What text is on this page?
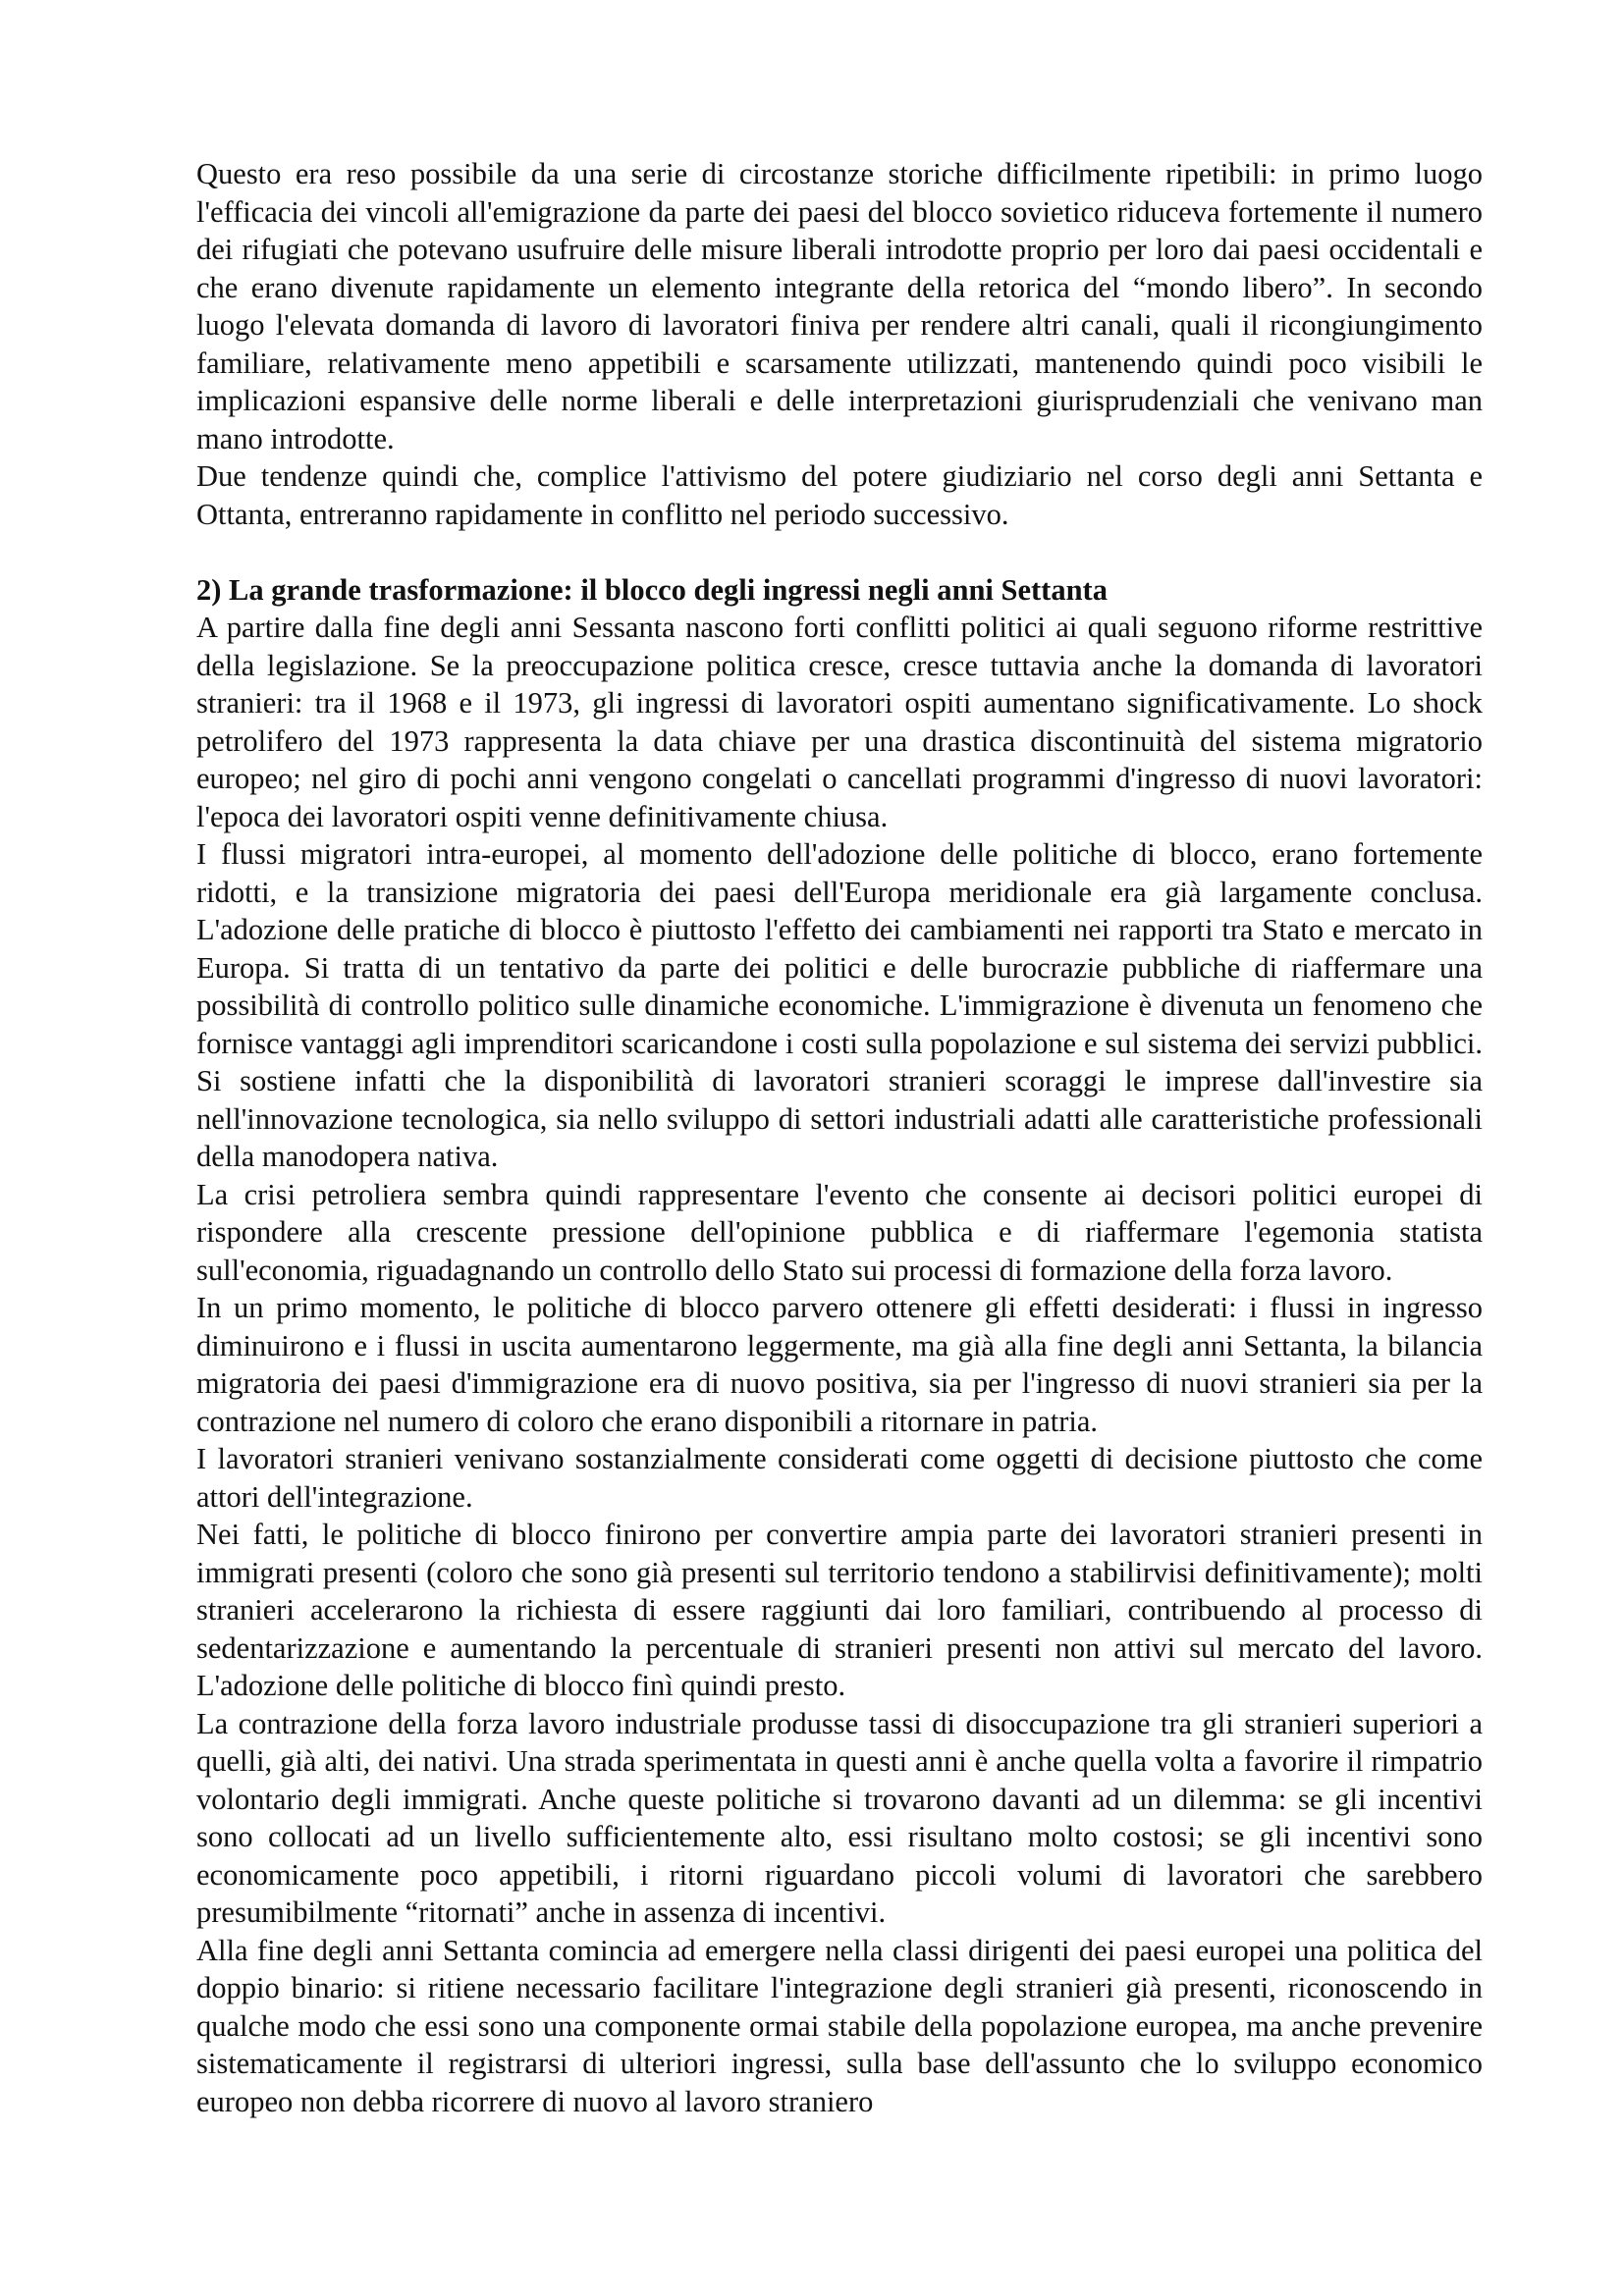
Questo era reso possibile da una serie di circostanze storiche difficilmente ripetibili: in primo luogo l'efficacia dei vincoli all'emigrazione da parte dei paesi del blocco sovietico riduceva fortemente il numero dei rifugiati che potevano usufruire delle misure liberali introdotte proprio per loro dai paesi occidentali e che erano divenute rapidamente un elemento integrante della retorica del “mondo libero”. In secondo luogo l'elevata domanda di lavoro di lavoratori finiva per rendere altri canali, quali il ricongiungimento familiare, relativamente meno appetibili e scarsamente utilizzati, mantenendo quindi poco visibili le implicazioni espansive delle norme liberali e delle interpretazioni giurisprudenziali che venivano man mano introdotte.

Due tendenze quindi che, complice l'attivismo del potere giudiziario nel corso degli anni Settanta e Ottanta, entreranno rapidamente in conflitto nel periodo successivo.

2) La grande trasformazione: il blocco degli ingressi negli anni Settanta

A partire dalla fine degli anni Sessanta nascono forti conflitti politici ai quali seguono riforme restrittive della legislazione. Se la preoccupazione politica cresce, cresce tuttavia anche la domanda di lavoratori stranieri: tra il 1968 e il 1973, gli ingressi di lavoratori ospiti aumentano significativamente. Lo shock petrolifero del 1973 rappresenta la data chiave per una drastica discontinuità del sistema migratorio europeo; nel giro di pochi anni vengono congelati o cancellati programmi d'ingresso di nuovi lavoratori: l'epoca dei lavoratori ospiti venne definitivamente chiusa.

I flussi migratori intra-europei, al momento dell'adozione delle politiche di blocco, erano fortemente ridotti, e la transizione migratoria dei paesi dell'Europa meridionale era già largamente conclusa. L'adozione delle pratiche di blocco è piuttosto l'effetto dei cambiamenti nei rapporti tra Stato e mercato in Europa. Si tratta di un tentativo da parte dei politici e delle burocrazie pubbliche di riaffermare una possibilità di controllo politico sulle dinamiche economiche. L'immigrazione è divenuta un fenomeno che fornisce vantaggi agli imprenditori scaricandone i costi sulla popolazione e sul sistema dei servizi pubblici. Si sostiene infatti che la disponibilità di lavoratori stranieri scoraggi le imprese dall'investire sia nell'innovazione tecnologica, sia nello sviluppo di settori industriali adatti alle caratteristiche professionali della manodopera nativa.

La crisi petroliera sembra quindi rappresentare l'evento che consente ai decisori politici europei di rispondere alla crescente pressione dell'opinione pubblica e di riaffermare l'egemonia statista sull'economia, riguadagnando un controllo dello Stato sui processi di formazione della forza lavoro.

In un primo momento, le politiche di blocco parvero ottenere gli effetti desiderati: i flussi in ingresso diminuirono e i flussi in uscita aumentarono leggermente, ma già alla fine degli anni Settanta, la bilancia migratoria dei paesi d'immigrazione era di nuovo positiva, sia per l'ingresso di nuovi stranieri sia per la contrazione nel numero di coloro che erano disponibili a ritornare in patria.

I lavoratori stranieri venivano sostanzialmente considerati come oggetti di decisione piuttosto che come attori dell'integrazione.

Nei fatti, le politiche di blocco finirono per convertire ampia parte dei lavoratori stranieri presenti in immigrati presenti (coloro che sono già presenti sul territorio tendono a stabilirvisi definitivamente); molti stranieri accelerarono la richiesta di essere raggiunti dai loro familiari, contribuendo al processo di sedentarizzazione e aumentando la percentuale di stranieri presenti non attivi sul mercato del lavoro. L'adozione delle politiche di blocco finì quindi presto.

La contrazione della forza lavoro industriale produsse tassi di disoccupazione tra gli stranieri superiori a quelli, già alti, dei nativi. Una strada sperimentata in questi anni è anche quella volta a favorire il rimpatrio volontario degli immigrati. Anche queste politiche si trovarono davanti ad un dilemma: se gli incentivi sono collocati ad un livello sufficientemente alto, essi risultano molto costosi; se gli incentivi sono economicamente poco appetibili, i ritorni riguardano piccoli volumi di lavoratori che sarebbero presumibilmente “ritornati” anche in assenza di incentivi.

Alla fine degli anni Settanta comincia ad emergere nella classi dirigenti dei paesi europei una politica del doppio binario: si ritiene necessario facilitare l'integrazione degli stranieri già presenti, riconoscendo in qualche modo che essi sono una componente ormai stabile della popolazione europea, ma anche prevenire sistematicamente il registrarsi di ulteriori ingressi, sulla base dell'assunto che lo sviluppo economico europeo non debba ricorrere di nuovo al lavoro straniero
